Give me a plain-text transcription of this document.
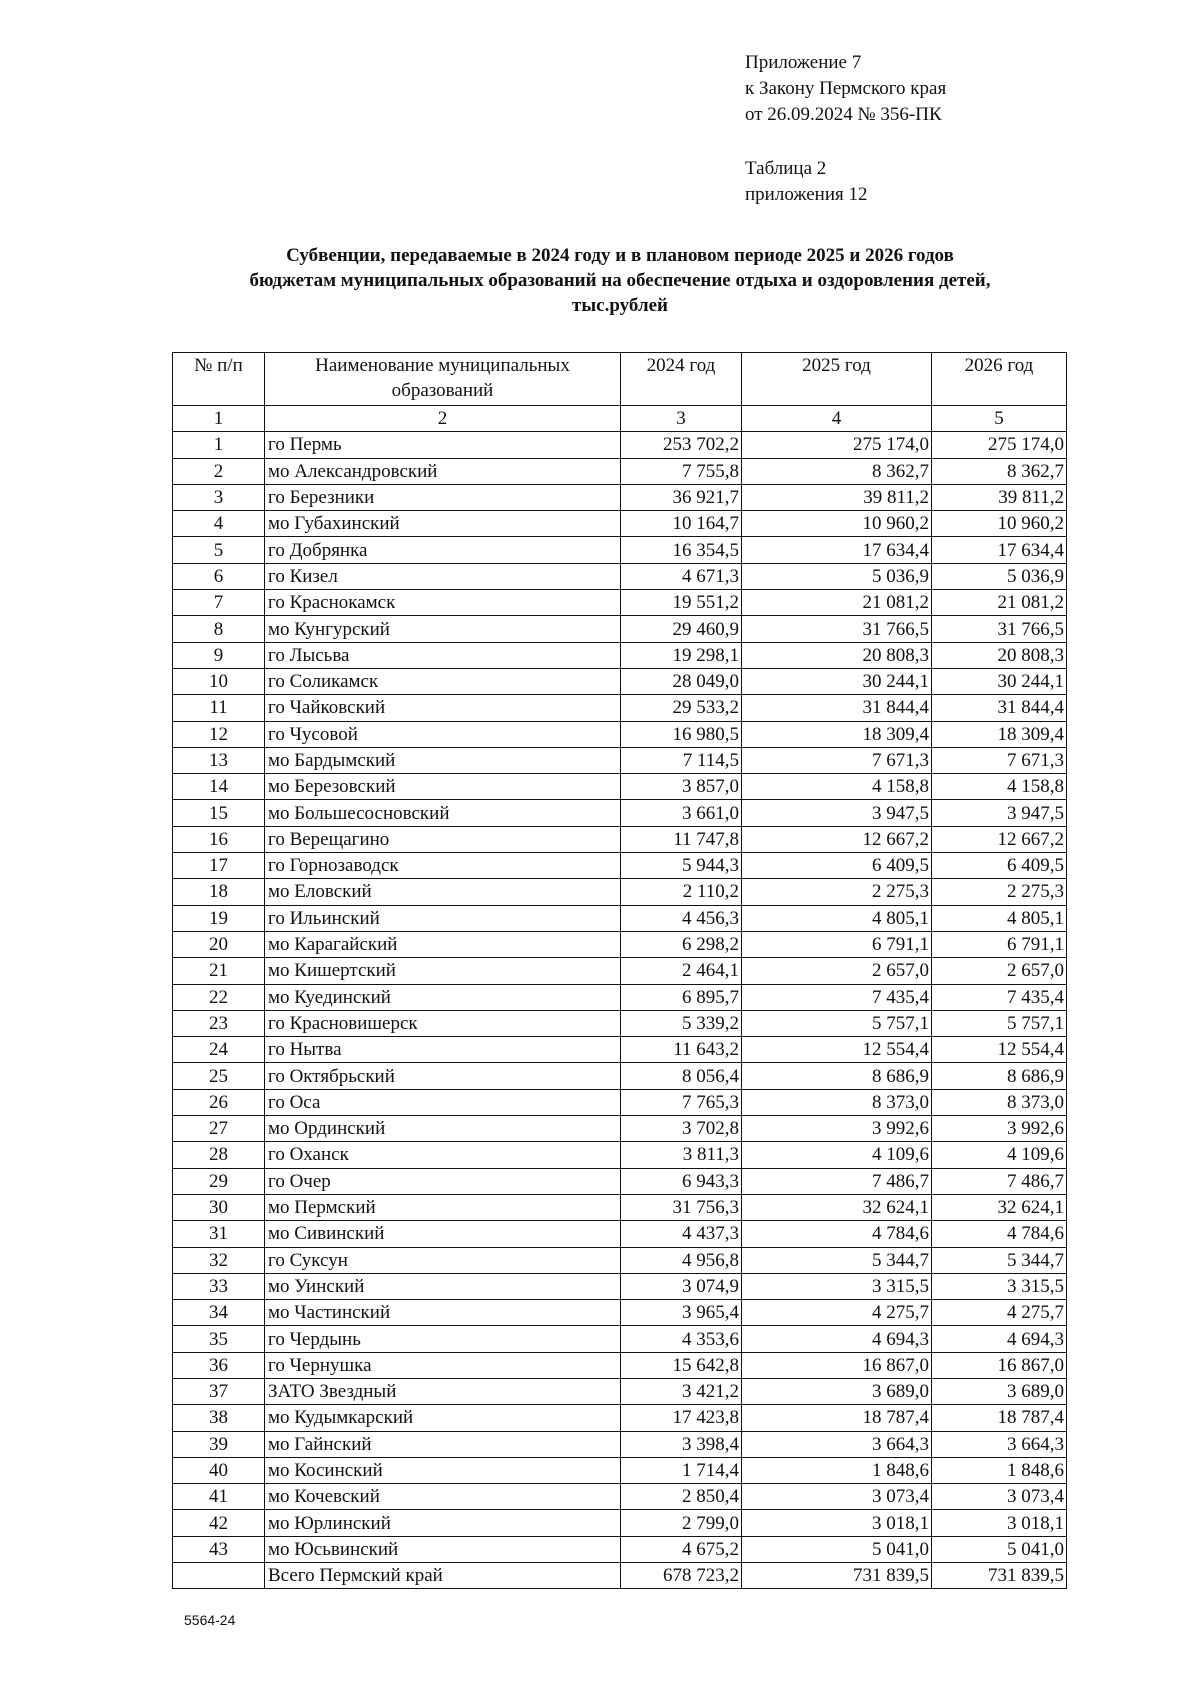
Приложение 7
к Закону Пермского края
от 26.09.2024 № 356-ПК
Таблица 2
приложения 12
Субвенции, передаваемые в 2024 году и в плановом периоде 2025 и 2026 годов
бюджетам муниципальных образований на обеспечение отдыха и оздоровления детей,
тыс.рублей
№ п/п	Наименование муниципальных образований	2024 год	2025 год	2026 год
1	2	3	4	5
1	го Пермь	253 702,2	275 174,0	275 174,0
2	мо Александровский	7 755,8	8 362,7	8 362,7
3	го Березники	36 921,7	39 811,2	39 811,2
4	мо Губахинский	10 164,7	10 960,2	10 960,2
5	го Добрянка	16 354,5	17 634,4	17 634,4
6	го Кизел	4 671,3	5 036,9	5 036,9
7	го Краснокамск	19 551,2	21 081,2	21 081,2
8	мо Кунгурский	29 460,9	31 766,5	31 766,5
9	го Лысьва	19 298,1	20 808,3	20 808,3
10	го Соликамск	28 049,0	30 244,1	30 244,1
11	го Чайковский	29 533,2	31 844,4	31 844,4
12	го Чусовой	16 980,5	18 309,4	18 309,4
13	мо Бардымский	7 114,5	7 671,3	7 671,3
14	мо Березовский	3 857,0	4 158,8	4 158,8
15	мо Большесосновский	3 661,0	3 947,5	3 947,5
16	го Верещагино	11 747,8	12 667,2	12 667,2
17	го Горнозаводск	5 944,3	6 409,5	6 409,5
18	мо Еловский	2 110,2	2 275,3	2 275,3
19	го Ильинский	4 456,3	4 805,1	4 805,1
20	мо Карагайский	6 298,2	6 791,1	6 791,1
21	мо Кишертский	2 464,1	2 657,0	2 657,0
22	мо Куединский	6 895,7	7 435,4	7 435,4
23	го Красновишерск	5 339,2	5 757,1	5 757,1
24	го Нытва	11 643,2	12 554,4	12 554,4
25	го Октябрьский	8 056,4	8 686,9	8 686,9
26	го Оса	7 765,3	8 373,0	8 373,0
27	мо Ординский	3 702,8	3 992,6	3 992,6
28	го Оханск	3 811,3	4 109,6	4 109,6
29	го Очер	6 943,3	7 486,7	7 486,7
30	мо Пермский	31 756,3	32 624,1	32 624,1
31	мо Сивинский	4 437,3	4 784,6	4 784,6
32	го Суксун	4 956,8	5 344,7	5 344,7
33	мо Уинский	3 074,9	3 315,5	3 315,5
34	мо Частинский	3 965,4	4 275,7	4 275,7
35	го Чердынь	4 353,6	4 694,3	4 694,3
36	го Чернушка	15 642,8	16 867,0	16 867,0
37	ЗАТО Звездный	3 421,2	3 689,0	3 689,0
38	мо Кудымкарский	17 423,8	18 787,4	18 787,4
39	мо Гайнский	3 398,4	3 664,3	3 664,3
40	мо Косинский	1 714,4	1 848,6	1 848,6
41	мо Кочевский	2 850,4	3 073,4	3 073,4
42	мо Юрлинский	2 799,0	3 018,1	3 018,1
43	мо Юсьвинский	4 675,2	5 041,0	5 041,0
	Всего Пермский край	678 723,2	731 839,5	731 839,5
5564-24
